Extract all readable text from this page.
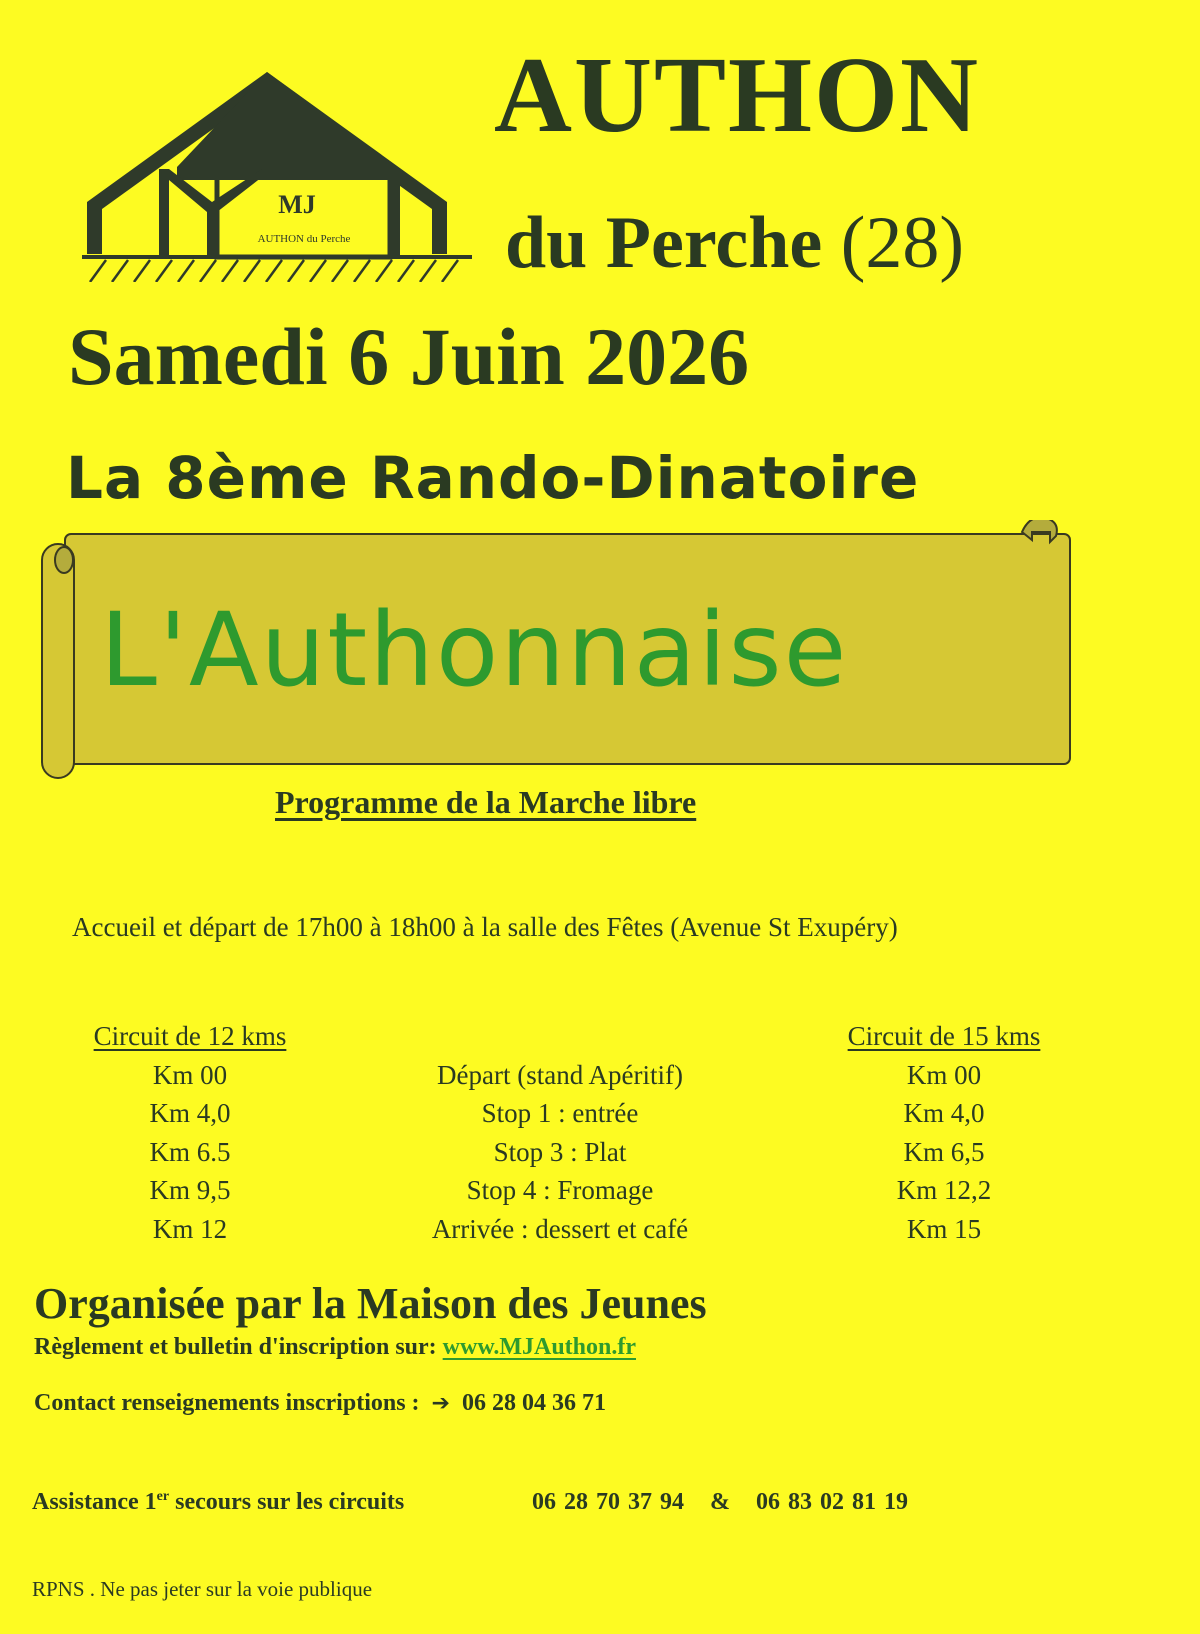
MJ
AUTHON du Perche
AUTHON
du Perche (28)
Samedi 6 Juin 2026
La 8ème Rando-Dinatoire
L'Authonnaise
Programme de la Marche libre
Accueil et départ de 17h00 à 18h00 à la salle des Fêtes (Avenue St Exupéry)
Circuit de 12 kms
Km 00
Km 4,0
Km 6.5
Km 9,5
Km 12
Départ (stand Apéritif)
Stop 1 : entrée
Stop 3 : Plat
Stop 4 : Fromage
Arrivée : dessert et café
Circuit de 15 kms
Km 00
Km 4,0
Km 6,5
Km 12,2
Km 15
Organisée par la Maison des Jeunes
Règlement et bulletin d'inscription sur: www.MJAuthon.fr
Contact renseignements inscriptions : ➔ 06 28 04 36 71
Assistance 1er secours sur les circuits	06 28 70 37 94 & 06 83 02 81 19
RPNS . Ne pas jeter sur la voie publique
